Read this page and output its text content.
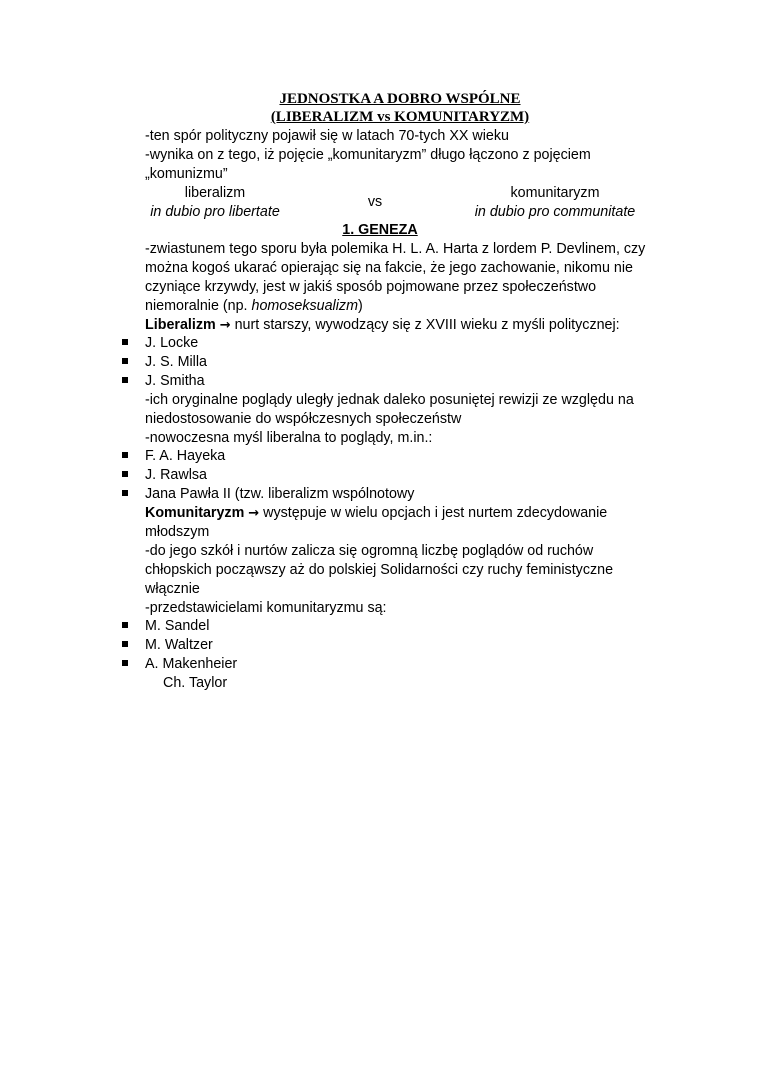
JEDNOSTKA A DOBRO WSPÓLNE
(LIBERALIZM vs KOMUNITARYZM)
-ten spór polityczny pojawił się w latach 70-tych XX wieku
-wynika on z tego, iż pojęcie „komunitaryzm” długo łączono z pojęciem
„komunizmu”
liberalizm
in dubio pro libertate
vs
komunitaryzm
in dubio pro communitate
1. GENEZA
-zwiastunem tego sporu była polemika H. L. A. Harta z lordem P. Devlinem, czy
można kogoś ukarać opierając się na fakcie, że jego zachowanie, nikomu nie
czyniące krzywdy, jest w jakiś sposób pojmowane przez społeczeństwo
niemoralnie (np. homoseksualizm)
Liberalizm → nurt starszy, wywodzący się z XVIII wieku z myśli politycznej:
J. Locke
J. S. Milla
J. Smitha
-ich oryginalne poglądy uległy jednak daleko posuniętej rewizji ze względu na
niedostosowanie do współczesnych społeczeństw
-nowoczesna myśl liberalna to poglądy, m.in.:
F. A. Hayeka
J. Rawlsa
Jana Pawła II (tzw. liberalizm wspólnotowy
Komunitaryzm → występuje w wielu opcjach i jest nurtem zdecydowanie
młodszym
-do jego szkół i nurtów zalicza się ogromną liczbę poglądów od ruchów
chłopskich począwszy aż do polskiej Solidarności czy ruchy feministyczne
włącznie
-przedstawicielami komunitaryzmu są:
M. Sandel
M. Waltzer
A. Makenheier
Ch. Taylor
